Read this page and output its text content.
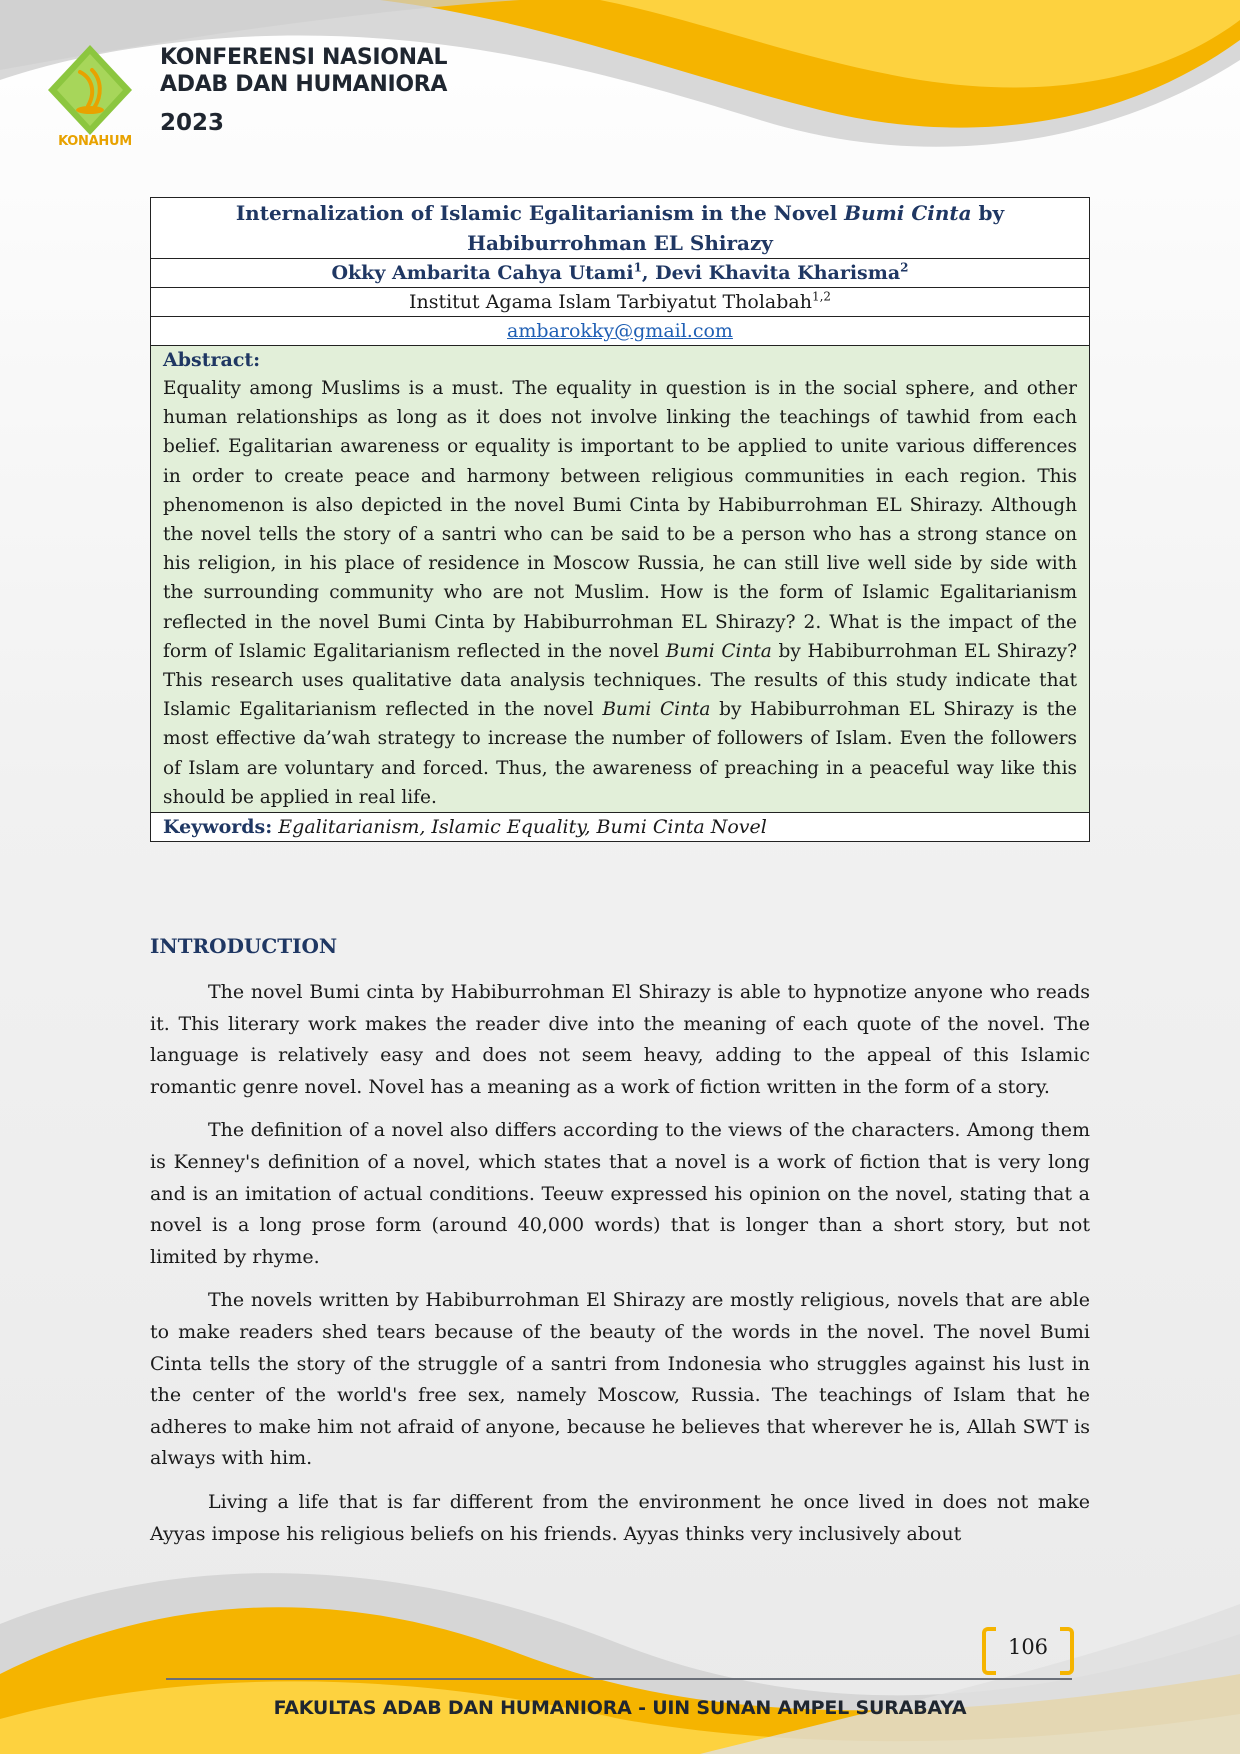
KONAHUM
KONFERENSI NASIONAL
ADAB DAN HUMANIORA
2023
Internalization of Islamic Egalitarianism in the Novel Bumi Cinta by
Habiburrohman EL Shirazy
Okky Ambarita Cahya Utami$^1$, Devi Khavita Kharisma$^2$
Institut Agama Islam Tarbiyatut Tholabah$^{1,2}$
ambarokky@gmail.com

Abstract:

Equality among Muslims is a must. The equality in question is in the social sphere, and other human relationships as long as it does not involve linking the teachings of tawhid from each belief. Egalitarian awareness or equality is important to be applied to unite various differences in order to create peace and harmony between religious communities in each region. This phenomenon is also depicted in the novel Bumi Cinta by Habiburrohman EL Shirazy. Although the novel tells the story of a santri who can be said to be a person who has a strong stance on his religion, in his place of residence in Moscow Russia, he can still live well side by side with the surrounding community who are not Muslim. How is the form of Islamic Egalitarianism reflected in the novel Bumi Cinta by Habiburrohman EL Shirazy? 2. What is the impact of the form of Islamic Egalitarianism reflected in the novel Bumi Cinta by Habiburrohman EL Shirazy? This research uses qualitative data analysis techniques. The results of this study indicate that Islamic Egalitarianism reflected in the novel Bumi Cinta by Habiburrohman EL Shirazy is the most effective da’wah strategy to increase the number of followers of Islam. Even the followers of Islam are voluntary and forced. Thus, the awareness of preaching in a peaceful way like this should be applied in real life.

Keywords: Egalitarianism, Islamic Equality, Bumi Cinta Novel
INTRODUCTION

The novel Bumi cinta by Habiburrohman El Shirazy is able to hypnotize anyone who reads it. This literary work makes the reader dive into the meaning of each quote of the novel. The language is relatively easy and does not seem heavy, adding to the appeal of this Islamic romantic genre novel. Novel has a meaning as a work of fiction written in the form of a story.

The definition of a novel also differs according to the views of the characters. Among them is Kenney's definition of a novel, which states that a novel is a work of fiction that is very long and is an imitation of actual conditions. Teeuw expressed his opinion on the novel, stating that a novel is a long prose form (around 40,000 words) that is longer than a short story, but not limited by rhyme.

The novels written by Habiburrohman El Shirazy are mostly religious, novels that are able to make readers shed tears because of the beauty of the words in the novel. The novel Bumi Cinta tells the story of the struggle of a santri from Indonesia who struggles against his lust in the center of the world's free sex, namely Moscow, Russia. The teachings of Islam that he adheres to make him not afraid of anyone, because he believes that wherever he is, Allah SWT is always with him.

Living a life that is far different from the environment he once lived in does not make Ayyas impose his religious beliefs on his friends. Ayyas thinks very inclusively about

106
FAKULTAS ADAB DAN HUMANIORA - UIN SUNAN AMPEL SURABAYA
